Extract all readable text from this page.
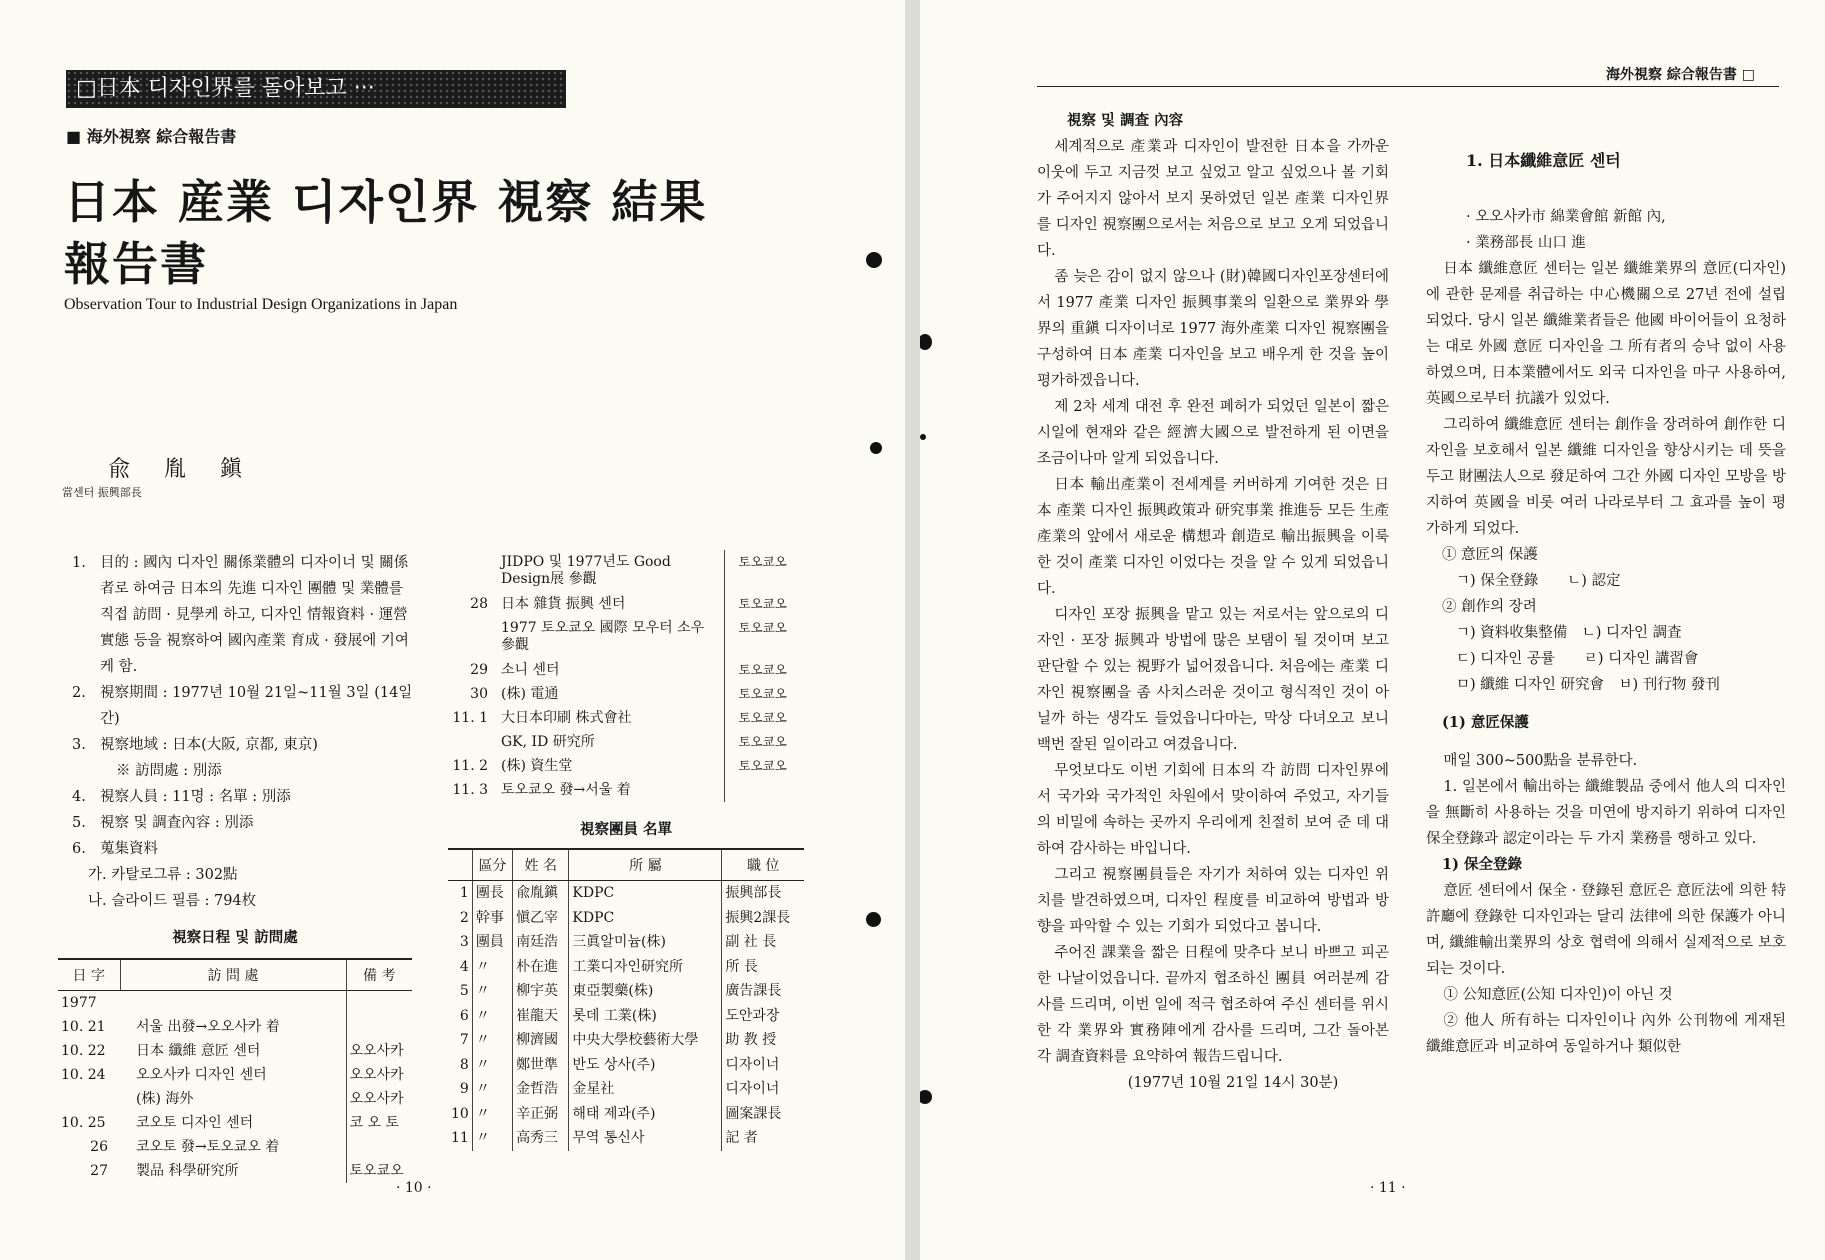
□日本 디자인界를 돌아보고 ···
■ 海外視察 綜合報告書
日本 産業 디자인界 視察 結果
報告書
Observation Tour to Industrial Design Organizations in Japan
兪胤鎭
當센터 振興部長
1. 目的 : 國內 디자인 關係業體의 디자이너 및 關係者로 하여금 日本의 先進 디자인 團體 및 業體를 직접 訪問 · 見學케 하고, 디자인 情報資料 · 運營實態 등을 視察하여 國內產業 育成 · 發展에 기여케 함.
2. 視察期間 : 1977년 10월 21일~11월 3일 (14일간)
3. 視察地域 : 日本(大阪, 京都, 東京)
※ 訪問處 : 別添
4. 視察人員 : 11명 : 名單 : 別添
5. 視察 및 調査內容 : 別添
6. 蒐集資料
가. 카탈로그류 : 302點
나. 슬라이드 필름 : 794枚
視察日程 및 訪問處
日 字	訪 問 處	備 考
1977		
10. 21	서울 出發→오오사카 着	
10. 22	日本 纖維 意匠 센터	오오사카
10. 24	오오사카 디자인 센터	오오사카
	(株) 海外	오오사카
10. 25	코오토 디자인 센터	코 오 토
26	코오토 發→토오쿄오 着	
27	製品 科學研究所	토오쿄오
	JIDPO 및 1977년도 Good Design展 參觀	토오쿄오
28	日本 雜貨 振興 센터	토오쿄오
	1977 토오쿄오 國際 모우터 소우 參觀	토오쿄오
29	소니 센터	토오쿄오
30	(株) 電通	토오쿄오
11. 1	大日本印刷 株式會社	토오쿄오
	GK, ID 研究所	토오쿄오
11. 2	(株) 資生堂	토오쿄오
11. 3	토오쿄오 發→서울 着	
視察團員 名單
	區分	姓 名	所 屬	職 位
1	團長	兪胤鎭	KDPC	振興部長
2	幹事	愼乙宰	KDPC	振興2課長
3	團員	南廷浩	三眞알미늄(株)	副 社 長
4	〃	朴在進	工業디자인研究所	所 長
5	〃	柳宇英	東亞製藥(株)	廣告課長
6	〃	崔龍天	롯데 工業(株)	도안과장
7	〃	柳濟國	中央大學校藝術大學	助 教 授
8	〃	鄭世準	반도 상사(주)	디자이너
9	〃	金哲浩	金星社	디자이너
10	〃	辛正弼	해태 제과(주)	圖案課長
11	〃	高秀三	무역 통신사	記 者
· 10 ·
海外視察 綜合報告書 □

視察 및 調査 內容

세계적으로 產業과 디자인이 발전한 日本을 가까운 이웃에 두고 지금껏 보고 싶었고 알고 싶었으나 볼 기회가 주어지지 않아서 보지 못하였던 일본 產業 디자인界를 디자인 視察團으로서는 처음으로 보고 오게 되었읍니다.

좀 늦은 감이 없지 않으나 (財)韓國디자인포장센터에서 1977 產業 디자인 振興事業의 일환으로 業界와 學界의 重鎭 디자이너로 1977 海外產業 디자인 視察團을 구성하여 日本 產業 디자인을 보고 배우게 한 것을 높이 평가하겠읍니다.

제 2차 세계 대전 후 완전 폐허가 되었던 일본이 짧은 시일에 현재와 같은 經濟大國으로 발전하게 된 이면을 조금이나마 알게 되었읍니다.

日本 輸出產業이 전세계를 커버하게 기여한 것은 日本 產業 디자인 振興政策과 研究事業 推進등 모든 生產產業의 앞에서 새로운 構想과 創造로 輸出振興을 이룩한 것이 產業 디자인 이었다는 것을 알 수 있게 되었읍니다.

디자인 포장 振興을 맡고 있는 저로서는 앞으로의 디자인 · 포장 振興과 방법에 많은 보탬이 될 것이며 보고 판단할 수 있는 視野가 넓어졌읍니다. 처음에는 產業 디자인 視察團을 좀 사치스러운 것이고 형식적인 것이 아닐까 하는 생각도 들었읍니다마는, 막상 다녀오고 보니 백번 잘된 일이라고 여겼읍니다.

무엇보다도 이번 기회에 日本의 각 訪問 디자인界에서 국가와 국가적인 차원에서 맞이하여 주었고, 자기들의 비밀에 속하는 곳까지 우리에게 친절히 보여 준 데 대하여 감사하는 바입니다.

그리고 視察團員들은 자기가 처하여 있는 디자인 위치를 발견하였으며, 디자인 程度를 비교하여 방법과 방향을 파악할 수 있는 기회가 되었다고 봅니다.

주어진 課業을 짧은 日程에 맞추다 보니 바쁘고 피곤한 나날이었읍니다. 끝까지 협조하신 團員 여러분께 감사를 드리며, 이번 일에 적극 협조하여 주신 센터를 위시한 각 業界와 實務陣에게 감사를 드리며, 그간 돌아본 각 調査資料를 요약하여 報告드립니다.

(1977년 10월 21일 14시 30분)

1. 日本纖維意匠 센터

· 오오사카市 綿業會館 新館 內,

· 業務部長 山口 進

日本 纖維意匠 센터는 일본 纖維業界의 意匠(디자인)에 관한 문제를 취급하는 中心機關으로 27년 전에 설립되었다. 당시 일본 纖維業者들은 他國 바이어들이 요청하는 대로 外國 意匠 디자인을 그 所有者의 승낙 없이 사용하였으며, 日本業體에서도 외국 디자인을 마구 사용하여, 英國으로부터 抗議가 있었다.

그리하여 纖維意匠 센터는 創作을 장려하여 創作한 디자인을 보호해서 일본 纖維 디자인을 향상시키는 데 뜻을 두고 財團法人으로 發足하여 그간 外國 디자인 모방을 방지하여 英國을 비롯 여러 나라로부터 그 효과를 높이 평가하게 되었다.

① 意匠의 保護

ㄱ) 保全登錄　　ㄴ) 認定

② 創作의 장려

ㄱ) 資料收集整備　ㄴ) 디자인 調査

ㄷ) 디자인 공률　　ㄹ) 디자인 講習會

ㅁ) 纖維 디자인 研究會　ㅂ) 刊行物 發刊

(1) 意匠保護

매일 300~500點을 분류한다.

1. 일본에서 輸出하는 纖維製品 중에서 他人의 디자인을 無斷히 사용하는 것을 미연에 방지하기 위하여 디자인 保全登錄과 認定이라는 두 가지 業務를 행하고 있다.

1) 保全登錄

意匠 센터에서 保全 · 登錄된 意匠은 意匠法에 의한 特許廳에 登錄한 디자인과는 달리 法律에 의한 保護가 아니며, 纖維輸出業界의 상호 협력에 의해서 실제적으로 보호되는 것이다.

① 公知意匠(公知 디자인)이 아닌 것

② 他人 所有하는 디자인이나 內外 公刊物에 게재된 纖維意匠과 비교하여 동일하거나 類似한

· 11 ·
